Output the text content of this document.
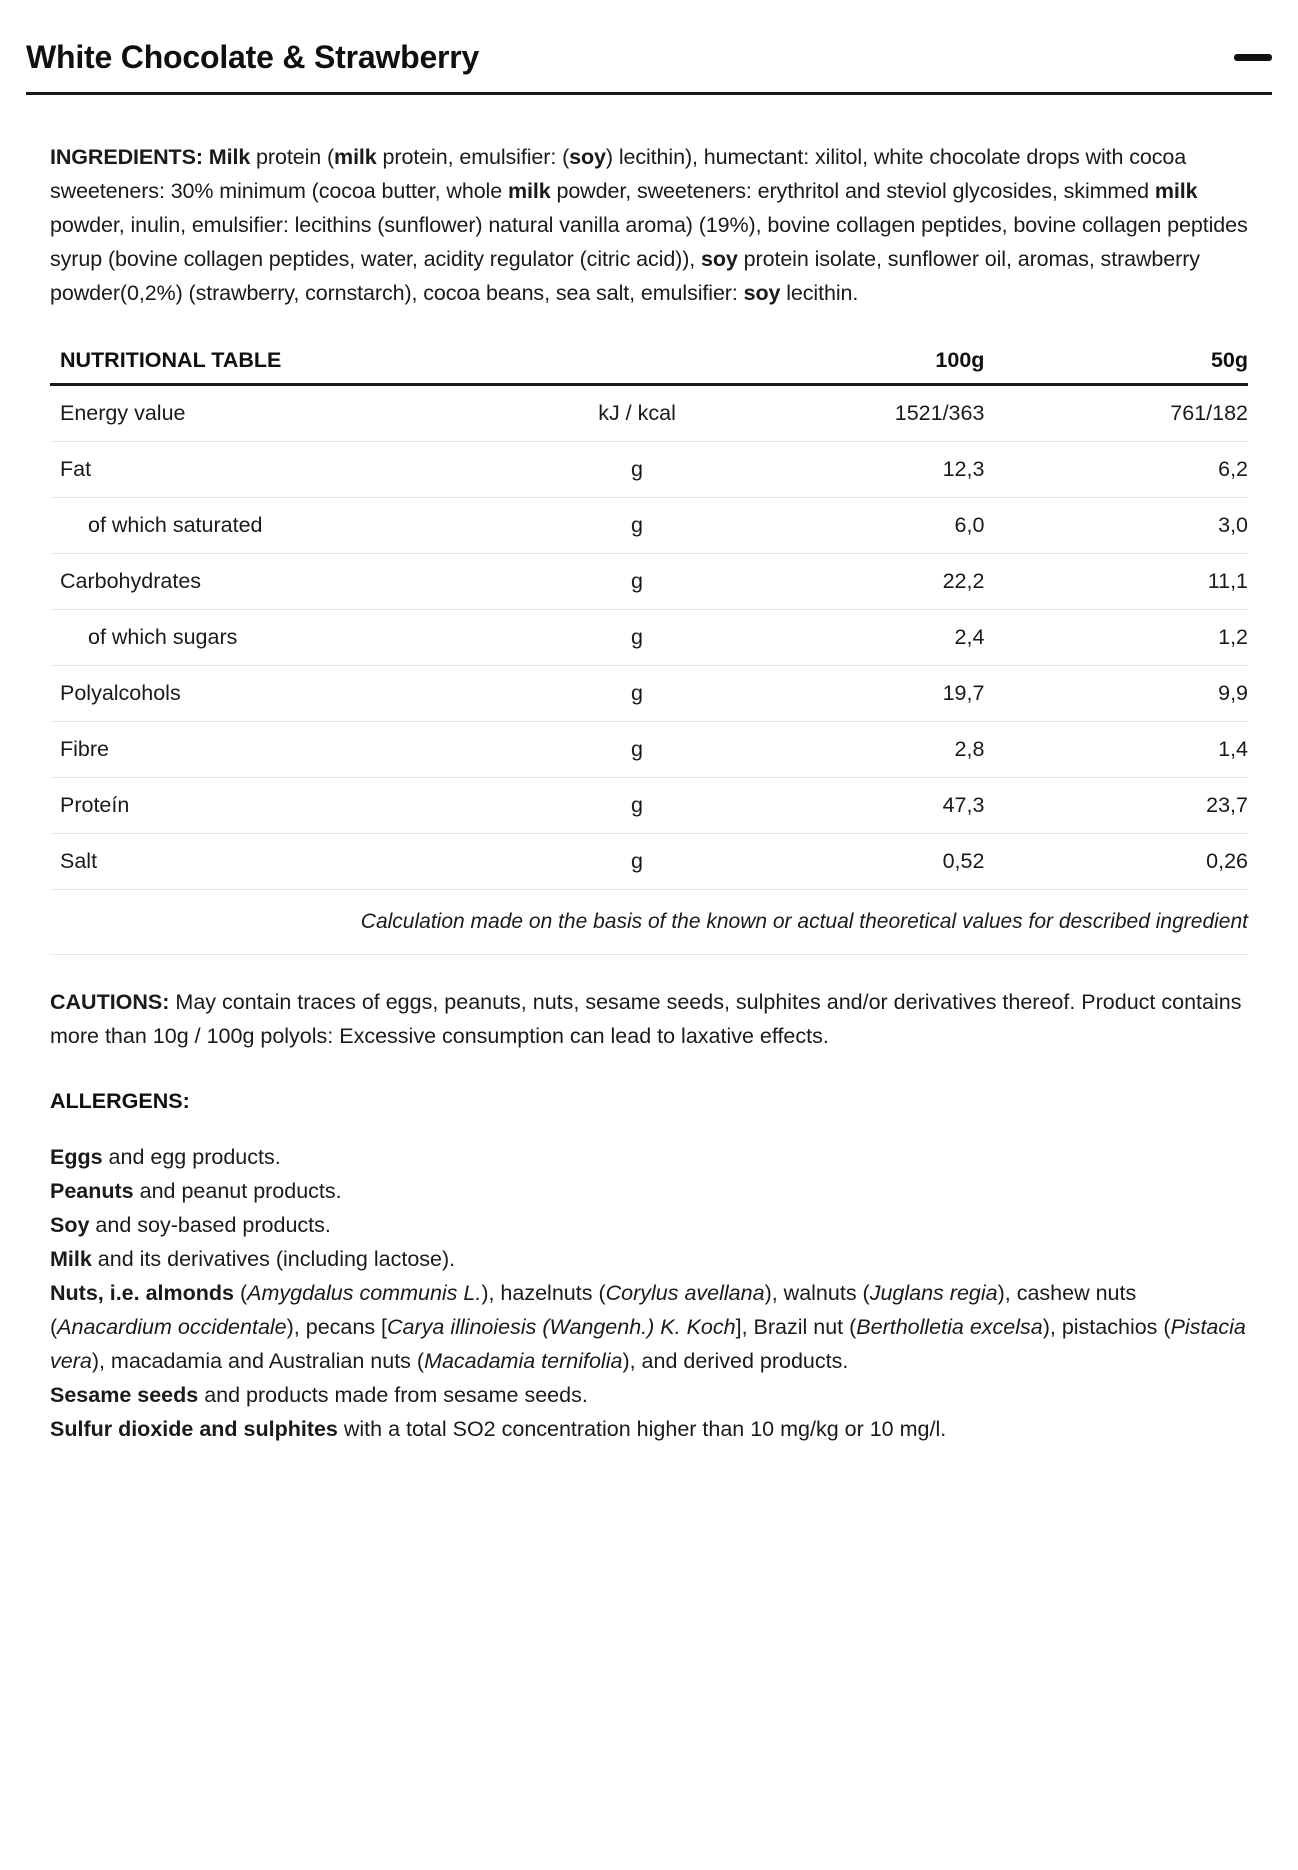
White Chocolate & Strawberry

INGREDIENTS: Milk protein (milk protein, emulsifier: (soy) lecithin), humectant: xilitol, white chocolate drops with cocoa sweeteners: 30% minimum (cocoa butter, whole milk powder, sweeteners: erythritol and steviol glycosides, skimmed milk powder, inulin, emulsifier: lecithins (sunflower) natural vanilla aroma) (19%), bovine collagen peptides, bovine collagen peptides syrup (bovine collagen peptides, water, acidity regulator (citric acid)), soy protein isolate, sunflower oil, aromas, strawberry powder(0,2%) (strawberry, cornstarch), cocoa beans, sea salt, emulsifier: soy lecithin.

NUTRITIONAL TABLE		100g	50g
Energy value	kJ / kcal	1521/363	761/182
Fat	g	12,3	6,2
of which saturated	g	6,0	3,0
Carbohydrates	g	22,2	11,1
of which sugars	g	2,4	1,2
Polyalcohols	g	19,7	9,9
Fibre	g	2,8	1,4
Proteín	g	47,3	23,7
Salt	g	0,52	0,26
Calculation made on the basis of the known or actual theoretical values for described ingredient			

CAUTIONS: May contain traces of eggs, peanuts, nuts, sesame seeds, sulphites and/or derivatives thereof. Product contains more than 10g / 100g polyols: Excessive consumption can lead to laxative effects.

ALLERGENS:
Eggs and egg products.
Peanuts and peanut products.
Soy and soy-based products.
Milk and its derivatives (including lactose).
Nuts, i.e. almonds (Amygdalus communis L.), hazelnuts (Corylus avellana), walnuts (Juglans regia), cashew nuts (Anacardium occidentale), pecans [Carya illinoiesis (Wangenh.) K. Koch], Brazil nut (Bertholletia excelsa), pistachios (Pistacia vera), macadamia and Australian nuts (Macadamia ternifolia), and derived products.
Sesame seeds and products made from sesame seeds.
Sulfur dioxide and sulphites with a total SO2 concentration higher than 10 mg/kg or 10 mg/l.
